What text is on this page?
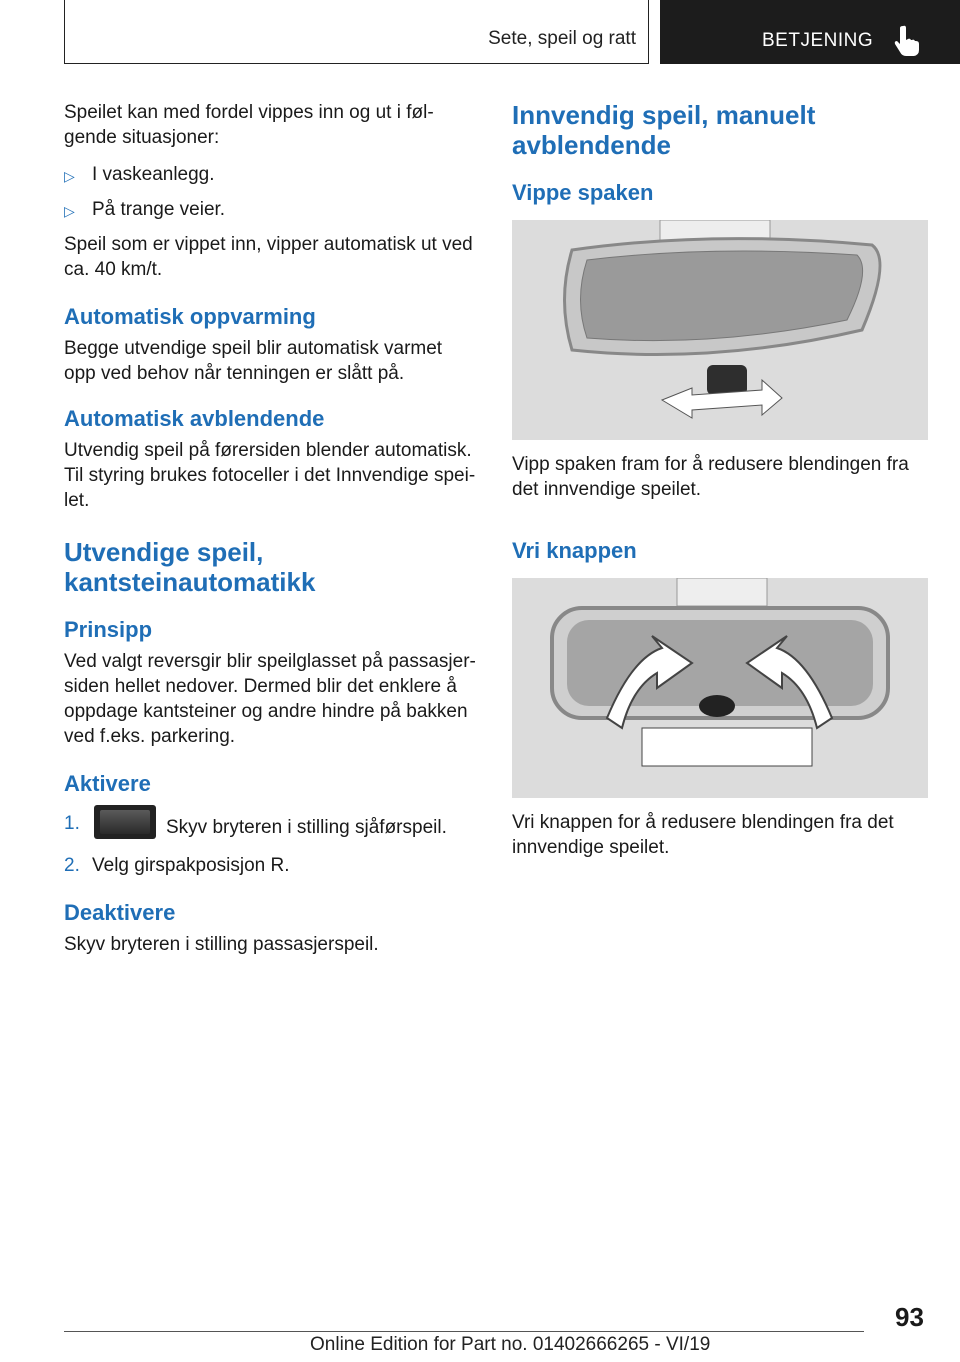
Sete, speil og ratt	BETJENING

Speilet kan med fordel vippes inn og ut i følgende situasjoner:

▷ I vaskeanlegg.
▷ På trange veier.

Speil som er vippet inn, vipper automatisk ut ved ca. 40 km/t.

Automatisk oppvarming

Begge utvendige speil blir automatisk varmet opp ved behov når tenningen er slått på.

Automatisk avblendende

Utvendig speil på førersiden blender automatisk. Til styring brukes fotoceller i det Innvendige speilet.

Utvendige speil, kantsteinautomatikk
Prinsipp

Ved valgt reversgir blir speilglasset på passasjersiden hellet nedover. Dermed blir det enklere å oppdage kantsteiner og andre hindre på bakken ved f.eks. parkering.

Aktivere
1.	Skyv bryteren i stilling sjåførspeil.
2. Velg girspakposisjon R.
Deaktivere

Skyv bryteren i stilling passasjerspeil.

Innvendig speil, manuelt avblendende
Vippe spaken

Vipp spaken fram for å redusere blendingen fra det innvendige speilet.

Vri knappen

Vri knappen for å redusere blendingen fra det innvendige speilet.

93
Online Edition for Part no. 01402666265 - VI/19
